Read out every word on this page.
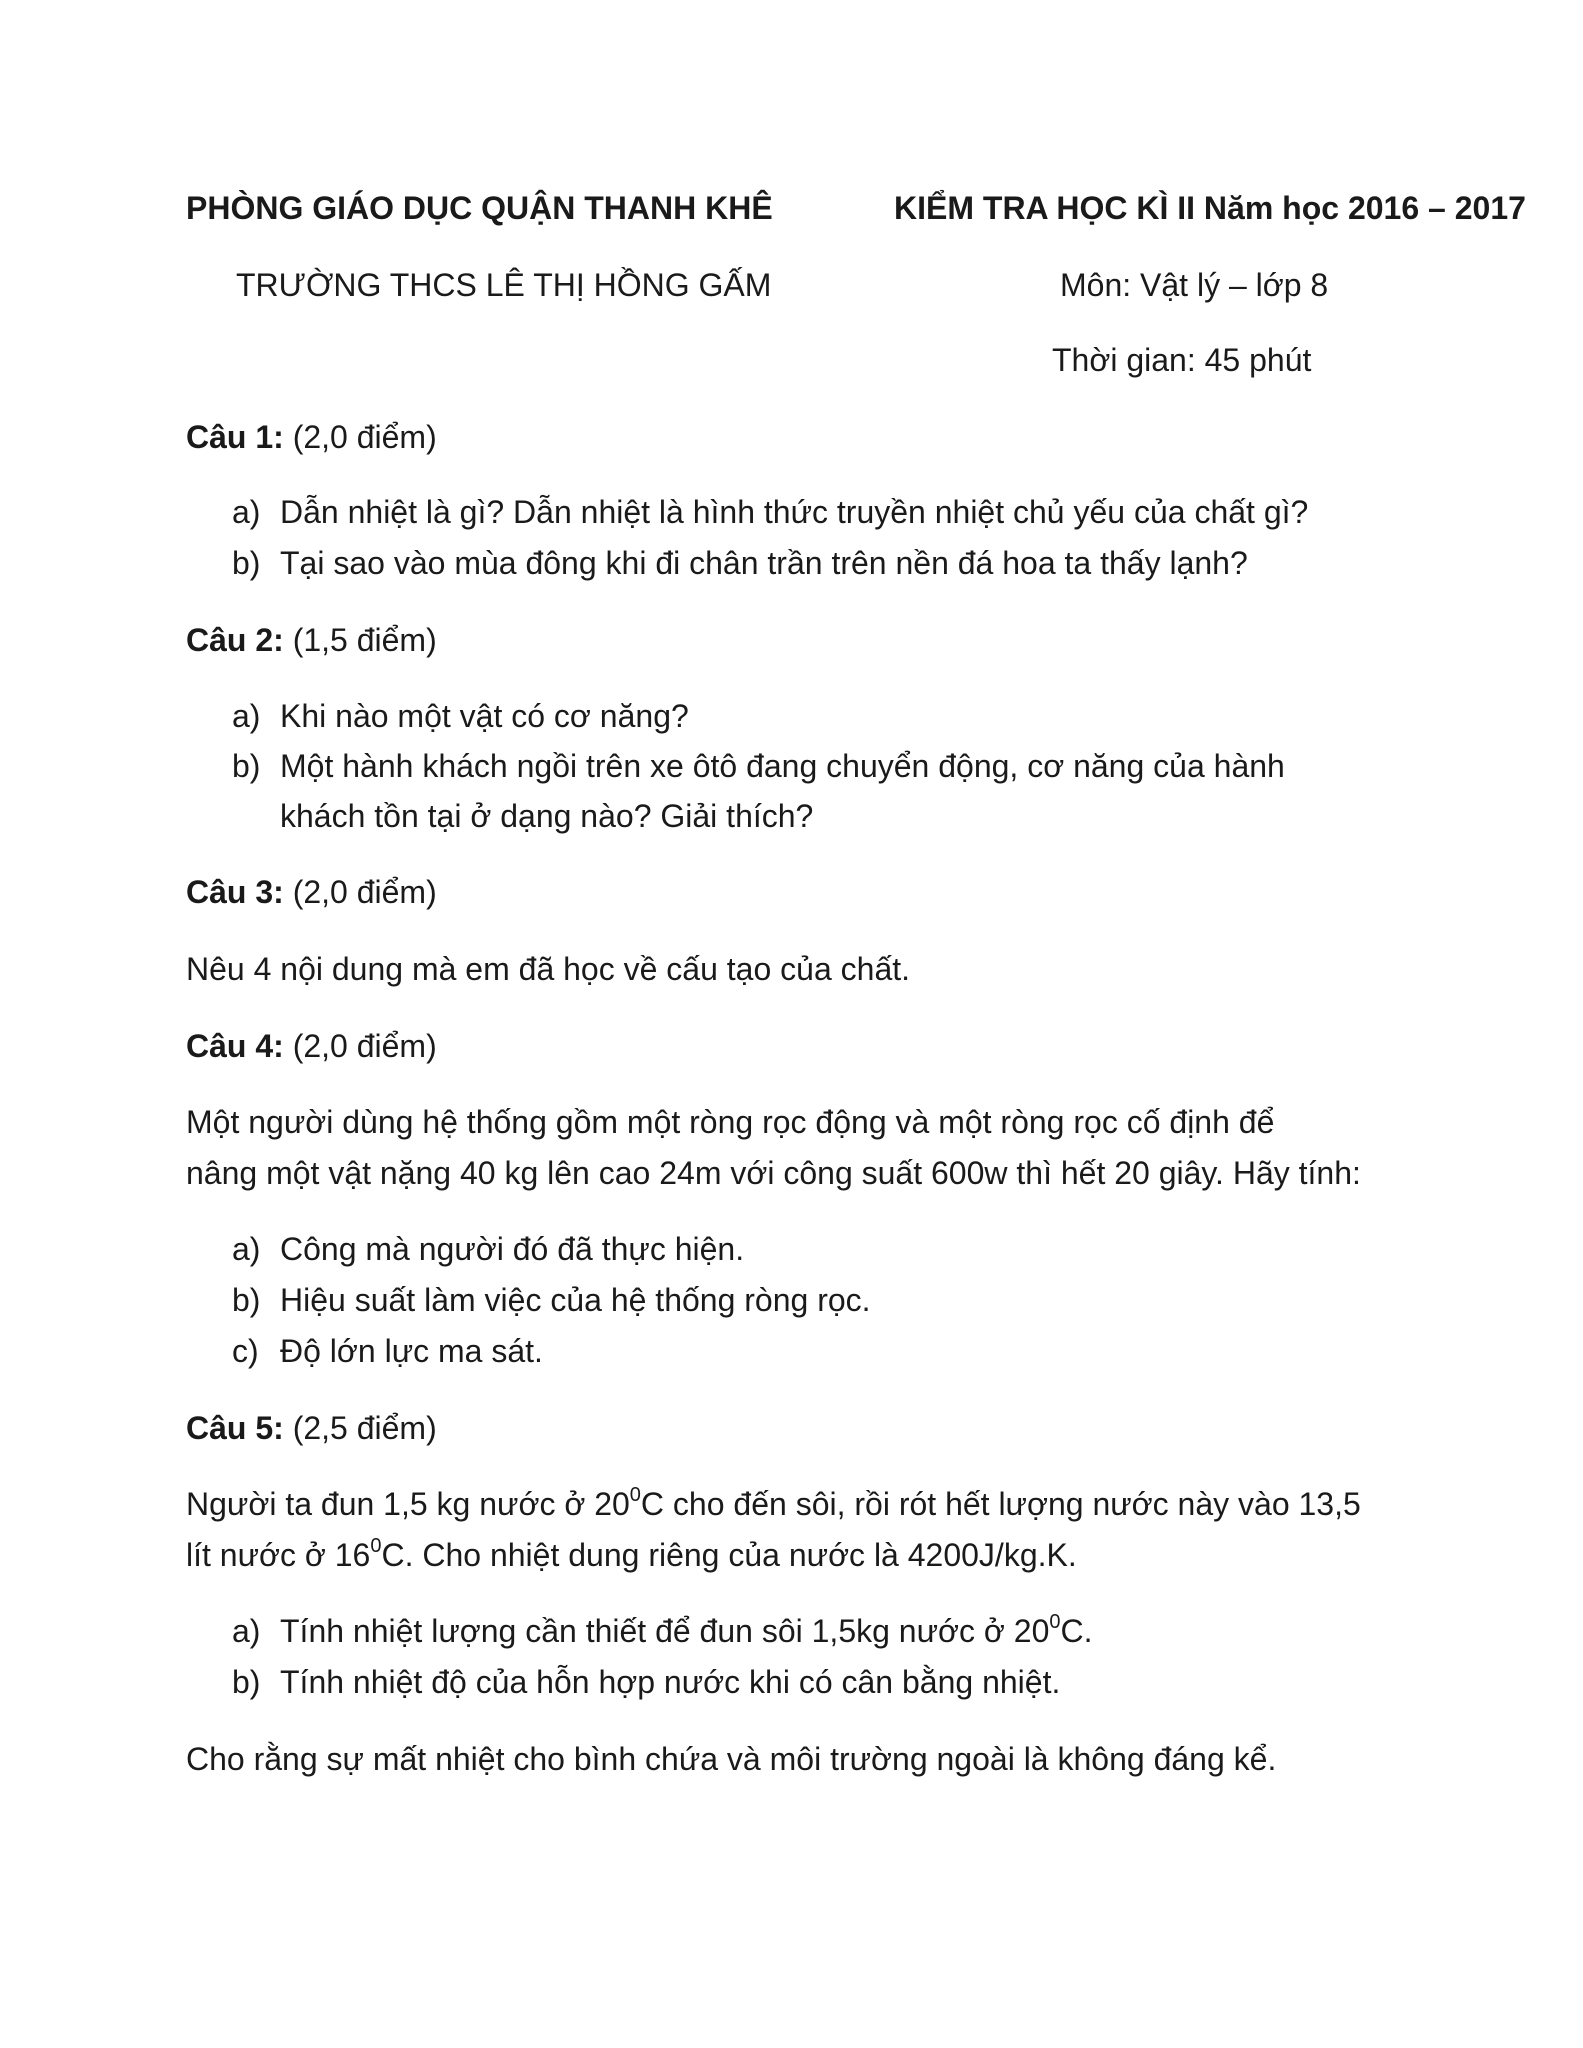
PHÒNG GIÁO DỤC QUẬN THANH KHÊ	KIỂM TRA HỌC KÌ II Năm học 2016 – 2017
TRƯỜNG THCS LÊ THỊ HỒNG GẤM	Môn: Vật lý – lớp 8
Thời gian: 45 phút
Câu 1: (2,0 điểm)
a) Dẫn nhiệt là gì? Dẫn nhiệt là hình thức truyền nhiệt chủ yếu của chất gì?
b) Tại sao vào mùa đông khi đi chân trần trên nền đá hoa ta thấy lạnh?
Câu 2: (1,5 điểm)
a) Khi nào một vật có cơ năng?
b) Một hành khách ngồi trên xe ôtô đang chuyển động, cơ năng của hành
khách tồn tại ở dạng nào? Giải thích?
Câu 3: (2,0 điểm)
Nêu 4 nội dung mà em đã học về cấu tạo của chất.
Câu 4: (2,0 điểm)
Một người dùng hệ thống gồm một ròng rọc động và một ròng rọc cố định để
nâng một vật nặng 40 kg lên cao 24m với công suất 600w thì hết 20 giây. Hãy tính:
a) Công mà người đó đã thực hiện.
b) Hiệu suất làm việc của hệ thống ròng rọc.
c) Độ lớn lực ma sát.
Câu 5: (2,5 điểm)
Người ta đun 1,5 kg nước ở $20^0C$ cho đến sôi, rồi rót hết lượng nước này vào 13,5
lít nước ở $16^0C$. Cho nhiệt dung riêng của nước là 4200J/kg.K.
a) Tính nhiệt lượng cần thiết để đun sôi 1,5kg nước ở $20^0C$.
b) Tính nhiệt độ của hỗn hợp nước khi có cân bằng nhiệt.
Cho rằng sự mất nhiệt cho bình chứa và môi trường ngoài là không đáng kể.
